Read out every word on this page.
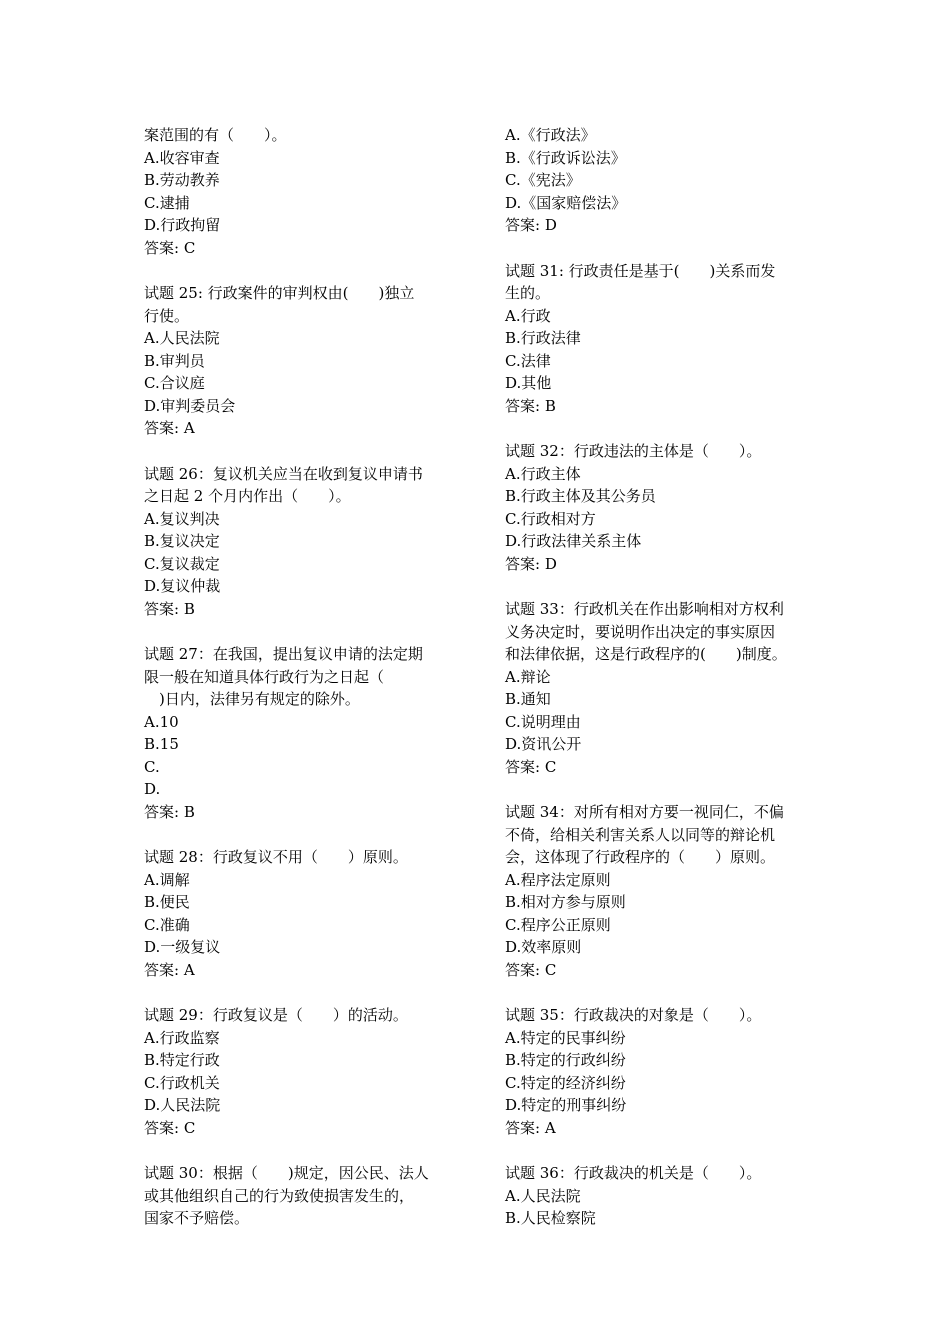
案范围的有（　　）。

A.收容审查

B.劳动教养

C.逮捕

D.行政拘留

答案: C

试题 25: 行政案件的审判权由(　　)独立

行使。

A.人民法院

B.审判员

C.合议庭

D.审判委员会

答案: A

试题 26：复议机关应当在收到复议申请书

之日起 2 个月内作出（　　）。

A.复议判决

B.复议决定

C.复议裁定

D.复议仲裁

答案: B

试题 27：在我国，提出复议申请的法定期

限一般在知道具体行政行为之日起（

　)日内，法律另有规定的除外。

A.10

B.15

C.

D.

答案: B

试题 28：行政复议不用（　　）原则。

A.调解

B.便民

C.准确

D.一级复议

答案: A

试题 29：行政复议是（　　）的活动。

A.行政监察

B.特定行政

C.行政机关

D.人民法院

答案: C

试题 30：根据（　　)规定，因公民、法人

或其他组织自己的行为致使损害发生的，

国家不予赔偿。

A.《行政法》

B.《行政诉讼法》

C.《宪法》

D.《国家赔偿法》

答案: D

试题 31: 行政责任是基于(　　)关系而发

生的。

A.行政

B.行政法律

C.法律

D.其他

答案: B

试题 32：行政违法的主体是（　　）。

A.行政主体

B.行政主体及其公务员

C.行政相对方

D.行政法律关系主体

答案: D

试题 33：行政机关在作出影响相对方权利

义务决定时，要说明作出决定的事实原因

和法律依据，这是行政程序的(　　)制度。

A.辩论

B.通知

C.说明理由

D.资讯公开

答案: C

试题 34：对所有相对方要一视同仁，不偏

不倚，给相关利害关系人以同等的辩论机

会，这体现了行政程序的（　　）原则。

A.程序法定原则

B.相对方参与原则

C.程序公正原则

D.效率原则

答案: C

试题 35：行政裁决的对象是（　　）。

A.特定的民事纠纷

B.特定的行政纠纷

C.特定的经济纠纷

D.特定的刑事纠纷

答案: A

试题 36：行政裁决的机关是（　　）。

A.人民法院

B.人民检察院
